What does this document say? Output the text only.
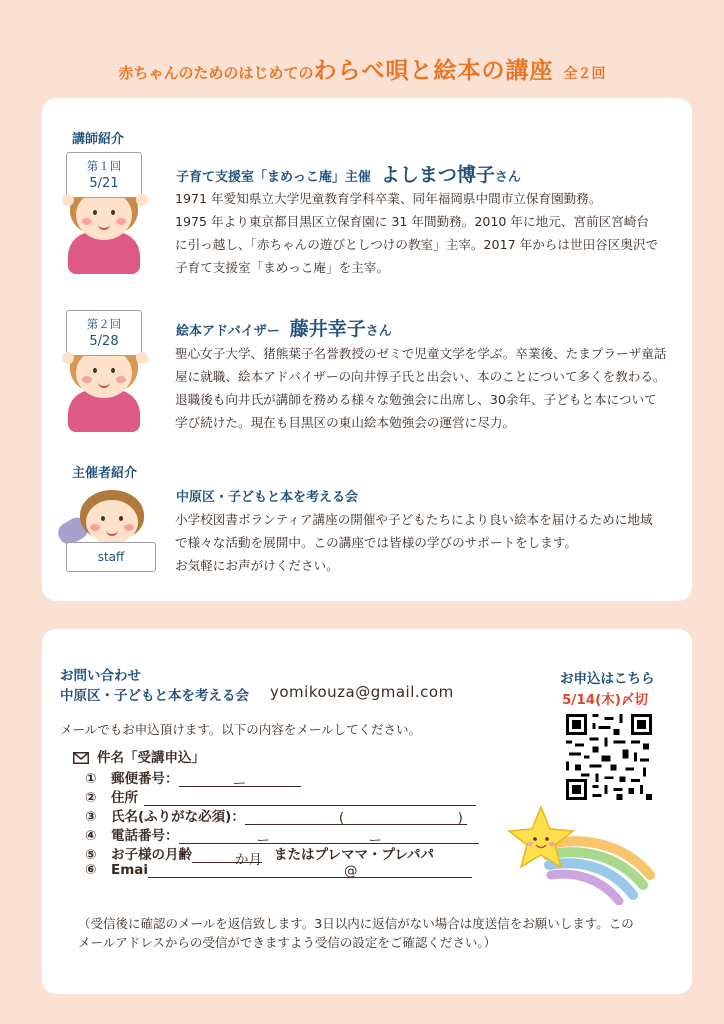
赤ちゃんのためのはじめてのわらべ唄と絵本の講座 全２回
講師紹介
第１回
5/21	子育て支援室「まめっこ庵」主催 よしまつ博子さん
1971 年愛知県立大学児童教育学科卒業、同年福岡県中間市立保育園勤務。
1975 年より東京都目黒区立保育園に 31 年間勤務。2010 年に地元、宮前区宮崎台
に引っ越し、「赤ちゃんの遊びとしつけの教室」主宰。2017 年からは世田谷区奥沢で
子育て支援室「まめっこ庵」を主宰。
第２回
5/28
絵本アドバイザー 藤井幸子さん
聖心女子大学、猪熊葉子名誉教授のゼミで児童文学を学ぶ。卒業後、たまプラーザ童話
屋に就職、絵本アドバイザーの向井惇子氏と出会い、本のことについて多くを教わる。
退職後も向井氏が講師を務める様々な勉強会に出席し、30余年、子どもと本について
学び続けた。現在も目黒区の東山絵本勉強会の運営に尽力。
主催者紹介
staff
中原区・子どもと本を考える会
小学校図書ボランティア講座の開催や子どもたちにより良い絵本を届けるために地域
で様々な活動を展開中。この講座では皆様の学びのサポートをします。
お気軽にお声がけください。
お問い合わせ
中原区・子どもと本を考える会 yomikouza@gmail.com
お申込はこちら
5/14(木)〆切
メールでもお申込頂けます。以下の内容をメールしてください。
件名「受講申込」
① 郵便番号：	ー
② 住所
③ 氏名(ふりがな必須)：	(	)
④ 電話番号：	ー	ー
⑤ お子様の月齢	か月 またはプレママ・プレパパ
⑥ Emai	@
（受信後に確認のメールを返信致します。3日以内に返信がない場合は度送信をお願いします。この
メールアドレスからの受信ができますよう受信の設定をご確認ください。）
